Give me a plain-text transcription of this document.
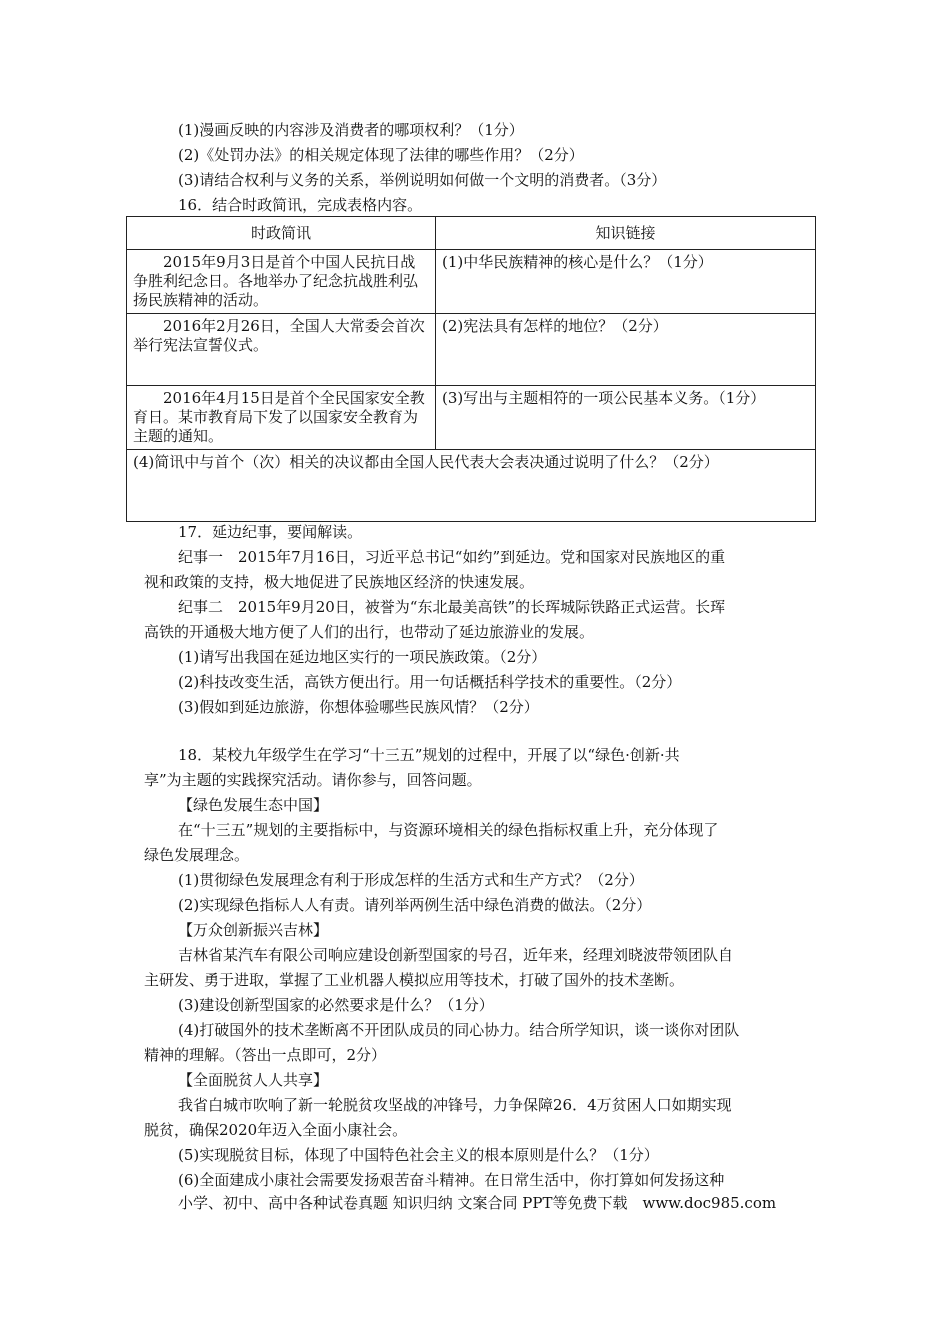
(1)漫画反映的内容涉及消费者的哪项权利？（1分）
(2)《处罚办法》的相关规定体现了法律的哪些作用？（2分）
(3)请结合权利与义务的关系，举例说明如何做一个文明的消费者。（3分）
16．结合时政简讯，完成表格内容。
时政简讯	知识链接
2015年9月3日是首个中国人民抗日战争胜利纪念日。各地举办了纪念抗战胜利弘扬民族精神的活动。	(1)中华民族精神的核心是什么？（1分）
2016年2月26日，全国人大常委会首次举行宪法宣誓仪式。	(2)宪法具有怎样的地位？（2分）
2016年4月15日是首个全民国家安全教育日。某市教育局下发了以国家安全教育为主题的通知。	(3)写出与主题相符的一项公民基本义务。（1分）
(4)简讯中与首个（次）相关的决议都由全国人民代表大会表决通过说明了什么？（2分）	
17．延边纪事，要闻解读。
纪事一　2015年7月16日，习近平总书记“如约”到延边。党和国家对民族地区的重
视和政策的支持，极大地促进了民族地区经济的快速发展。
纪事二　2015年9月20日，被誉为“东北最美高铁”的长珲城际铁路正式运营。长珲
高铁的开通极大地方便了人们的出行，也带动了延边旅游业的发展。
(1)请写出我国在延边地区实行的一项民族政策。（2分）
(2)科技改变生活，高铁方便出行。用一句话概括科学技术的重要性。（2分）
(3)假如到延边旅游，你想体验哪些民族风情？（2分）
18．某校九年级学生在学习“十三五”规划的过程中，开展了以“绿色·创新·共
享”为主题的实践探究活动。请你参与，回答问题。
【绿色发展生态中国】
在“十三五”规划的主要指标中，与资源环境相关的绿色指标权重上升，充分体现了
绿色发展理念。
(1)贯彻绿色发展理念有利于形成怎样的生活方式和生产方式？（2分）
(2)实现绿色指标人人有责。请列举两例生活中绿色消费的做法。（2分）
【万众创新振兴吉林】
吉林省某汽车有限公司响应建设创新型国家的号召，近年来，经理刘晓波带领团队自
主研发、勇于进取，掌握了工业机器人模拟应用等技术，打破了国外的技术垄断。
(3)建设创新型国家的必然要求是什么？（1分）
(4)打破国外的技术垄断离不开团队成员的同心协力。结合所学知识，谈一谈你对团队
精神的理解。（答出一点即可，2分）
【全面脱贫人人共享】
我省白城市吹响了新一轮脱贫攻坚战的冲锋号，力争保障26．4万贫困人口如期实现
脱贫，确保2020年迈入全面小康社会。
(5)实现脱贫目标，体现了中国特色社会主义的根本原则是什么？（1分）
(6)全面建成小康社会需要发扬艰苦奋斗精神。在日常生活中，你打算如何发扬这种
小学、初中、高中各种试卷真题 知识归纳 文案合同 PPT等免费下载　www.doc985.com
